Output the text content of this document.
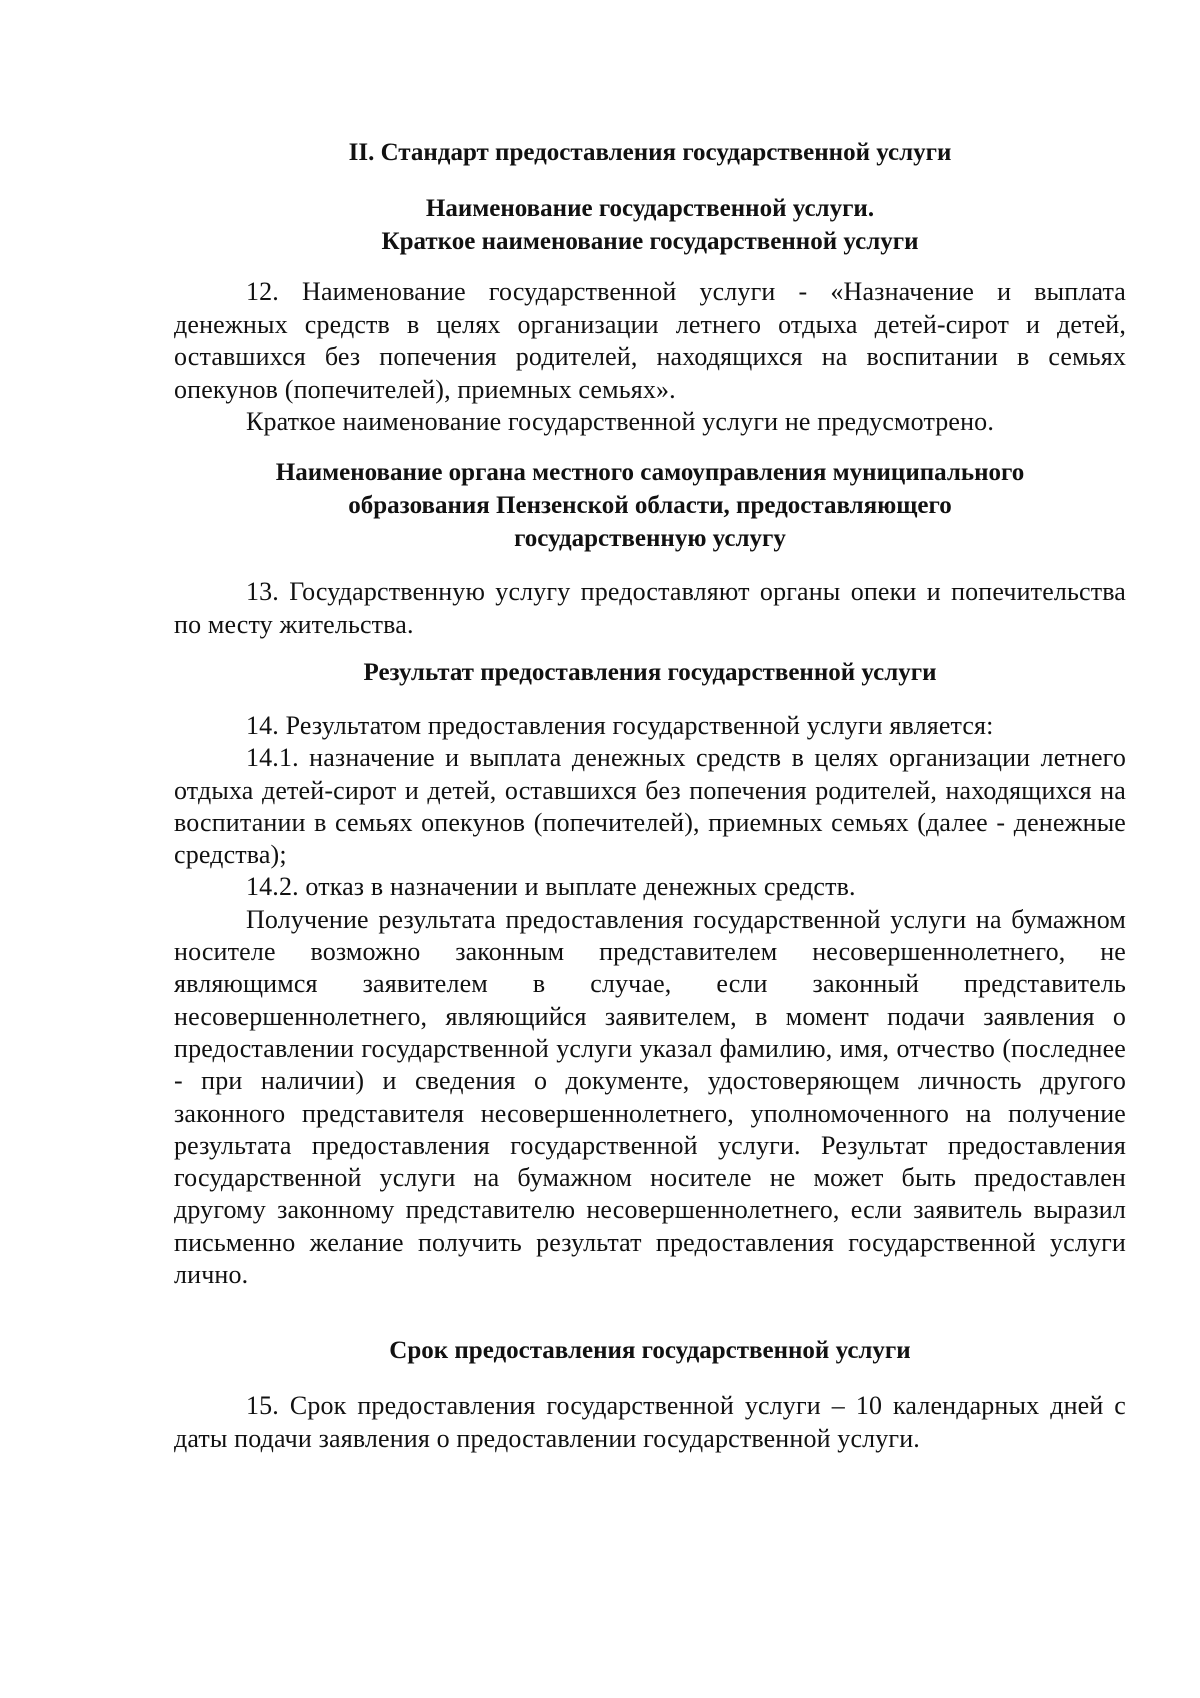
II. Стандарт предоставления государственной услуги

Наименование государственной услуги.

Краткое наименование государственной услуги

12. Наименование государственной услуги - «Назначение и выплата денежных средств в целях организации летнего отдыха детей-сирот и детей, оставшихся без попечения родителей, находящихся на воспитании в семьях опекунов (попечителей), приемных семьях».

Краткое наименование государственной услуги не предусмотрено.

Наименование органа местного самоуправления муниципального

образования Пензенской области, предоставляющего

государственную услугу

13. Государственную услугу предоставляют органы опеки и попечительства по месту жительства.

Результат предоставления государственной услуги

14. Результатом предоставления государственной услуги является:

14.1. назначение и выплата денежных средств в целях организации летнего отдыха детей-сирот и детей, оставшихся без попечения родителей, находящихся на воспитании в семьях опекунов (попечителей), приемных семьях (далее - денежные средства);

14.2. отказ в назначении и выплате денежных средств.

Получение результата предоставления государственной услуги на бумажном носителе возможно законным представителем несовершеннолетнего, не являющимся заявителем в случае, если законный представитель несовершеннолетнего, являющийся заявителем, в момент подачи заявления о предоставлении государственной услуги указал фамилию, имя, отчество (последнее - при наличии) и сведения о документе, удостоверяющем личность другого законного представителя несовершеннолетнего, уполномоченного на получение результата предоставления государственной услуги. Результат предоставления государственной услуги на бумажном носителе не может быть предоставлен другому законному представителю несовершеннолетнего, если заявитель выразил письменно желание получить результат предоставления государственной услуги лично.

Срок предоставления государственной услуги

15. Срок предоставления государственной услуги – 10 календарных дней с даты подачи заявления о предоставлении государственной услуги.
